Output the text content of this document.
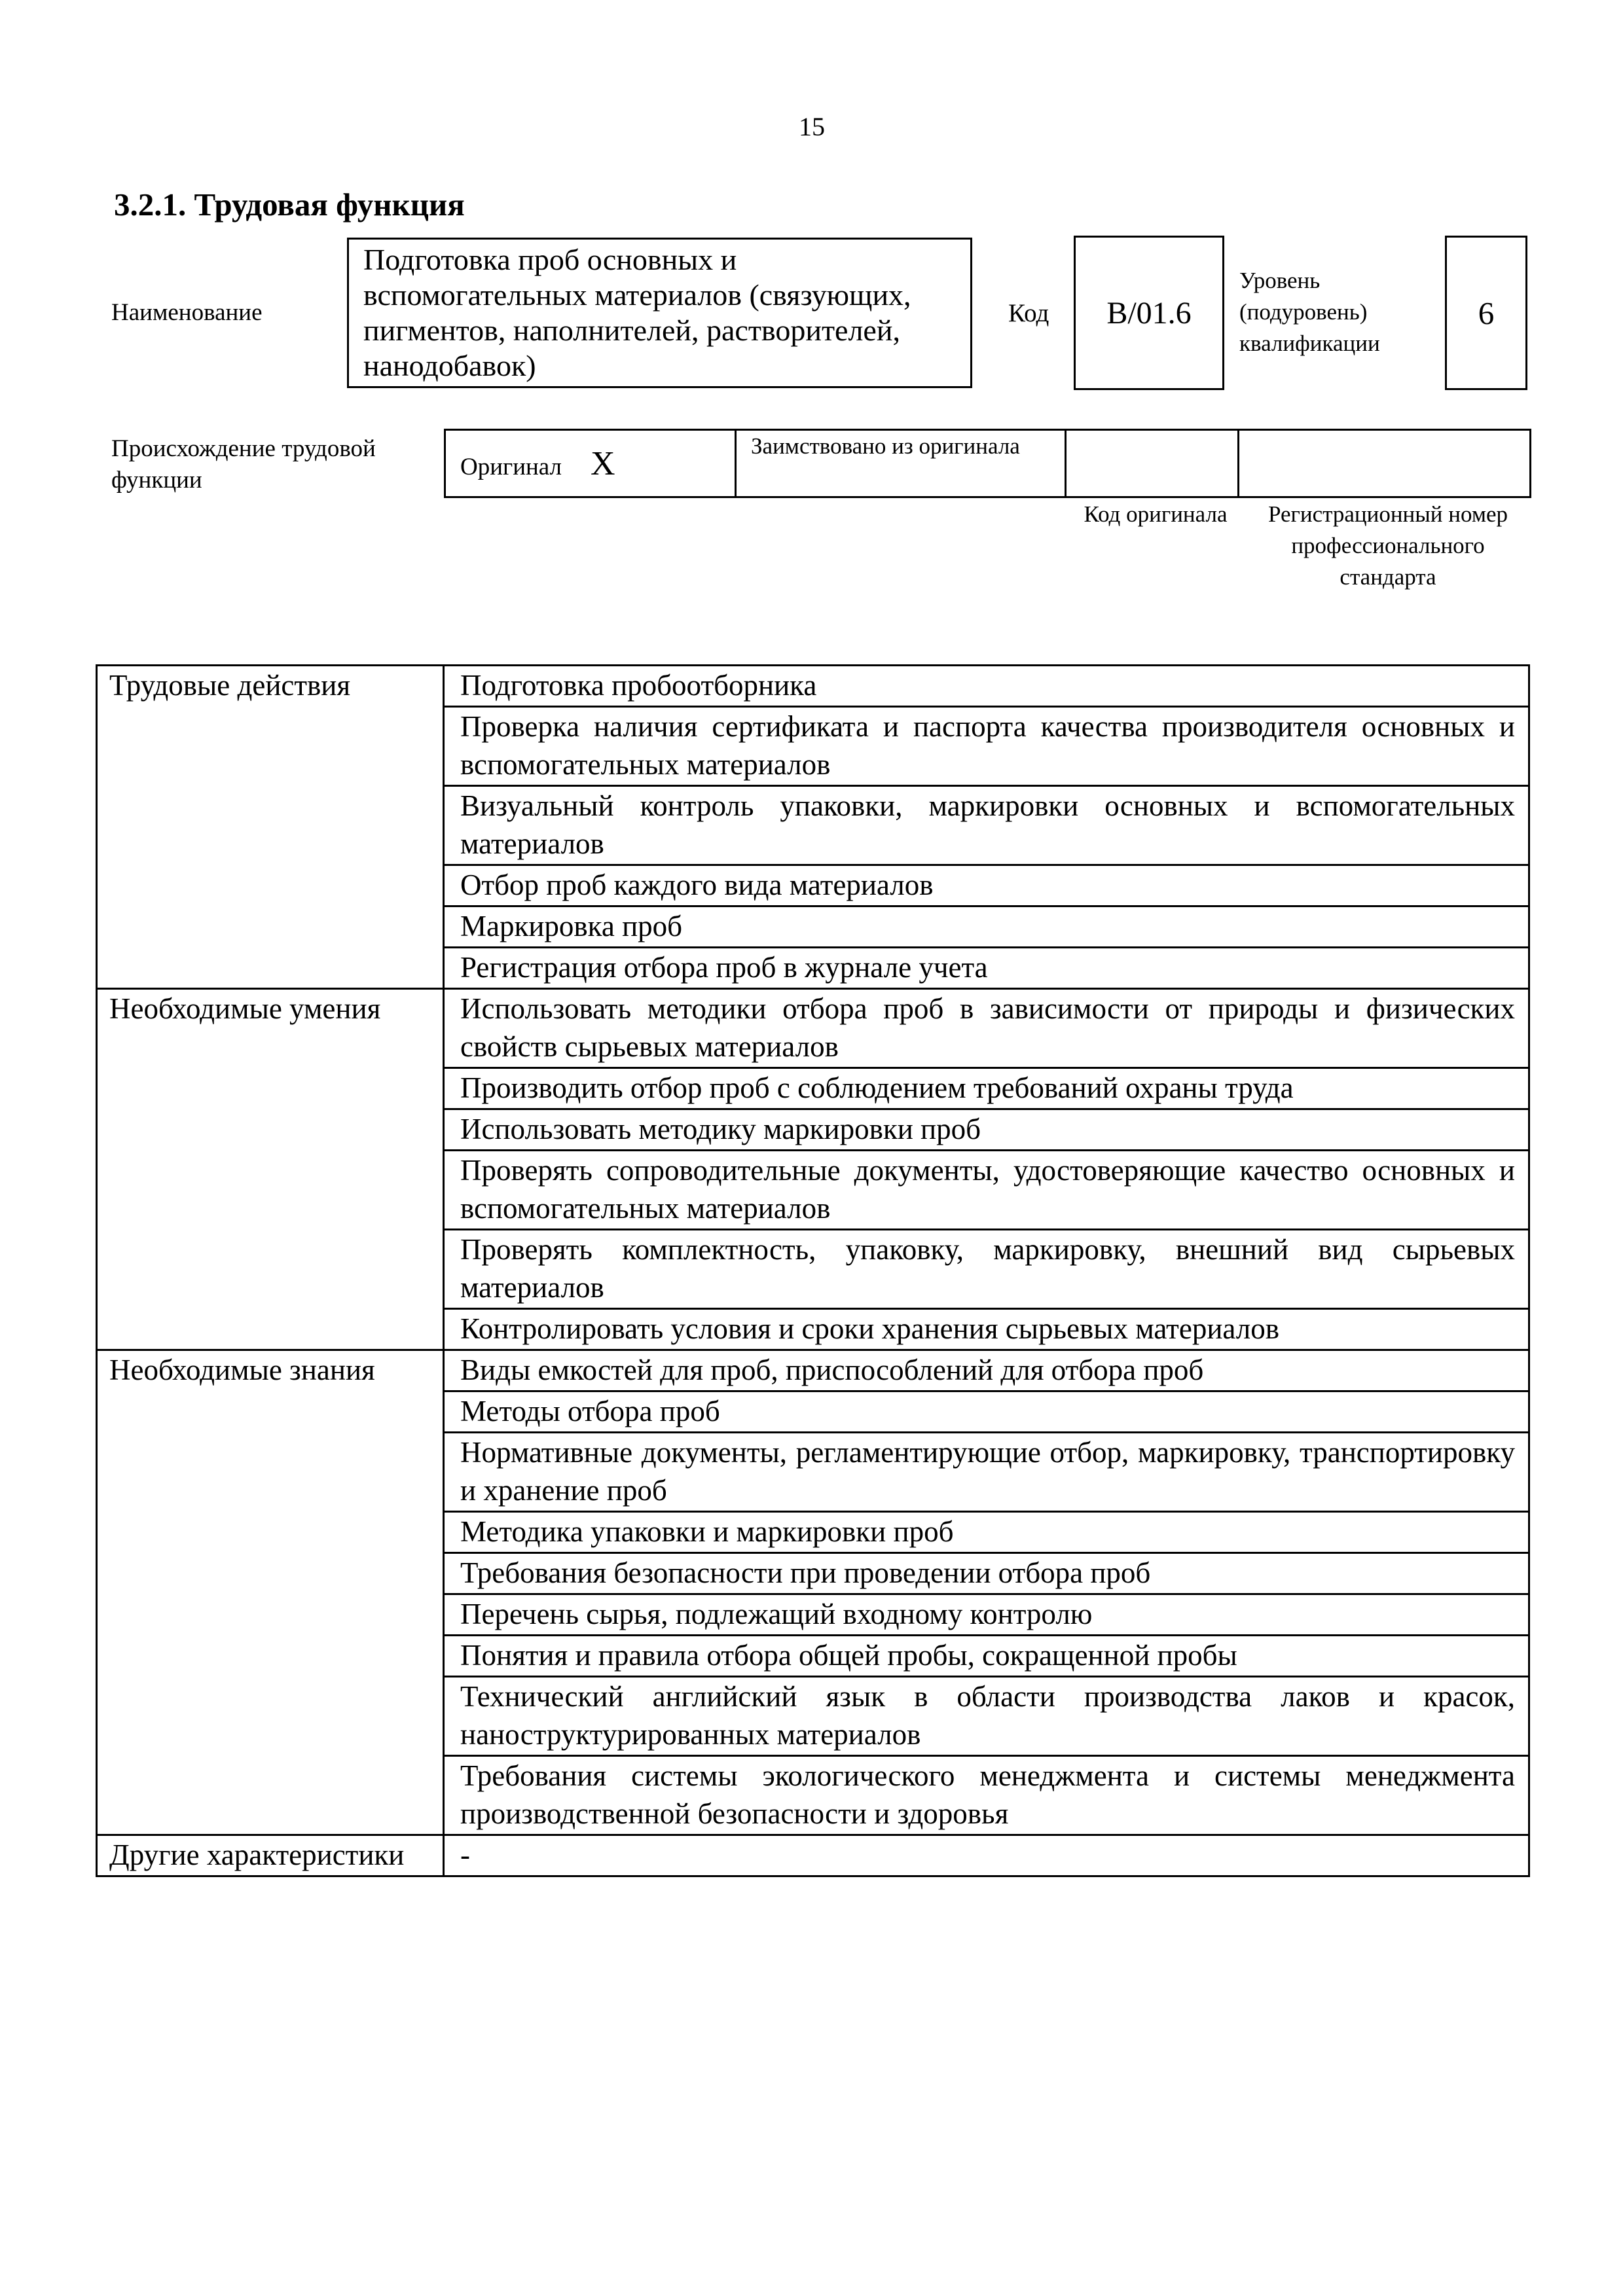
15
3.2.1. Трудовая функция
Наименование
Подготовка проб основных и вспомогательных материалов (связующих, пигментов, наполнителей, растворителей, нанодобавок)
Код	B/01.6
Уровень (подуровень) квалификации
6
Происхождение трудовой функции	Оригинал X	Заимствовано из оригинала		
Код оригинала	Регистрационный номер профессионального стандарта
Трудовые действия	Подготовка пробоотборника
	Проверка наличия сертификата и паспорта качества производителя основных и вспомогательных материалов
	Визуальный контроль упаковки, маркировки основных и вспомогательных материалов
	Отбор проб каждого вида материалов
	Маркировка проб
	Регистрация отбора проб в журнале учета
Необходимые умения	Использовать методики отбора проб в зависимости от природы и физических свойств сырьевых материалов
	Производить отбор проб с соблюдением требований охраны труда
	Использовать методику маркировки проб
	Проверять сопроводительные документы, удостоверяющие качество основных и вспомогательных материалов
	Проверять комплектность, упаковку, маркировку, внешний вид сырьевых материалов
	Контролировать условия и сроки хранения сырьевых материалов
Необходимые знания	Виды емкостей для проб, приспособлений для отбора проб
	Методы отбора проб
	Нормативные документы, регламентирующие отбор, маркировку, транспортировку и хранение проб
	Методика упаковки и маркировки проб
	Требования безопасности при проведении отбора проб
	Перечень сырья, подлежащий входному контролю
	Понятия и правила отбора общей пробы, сокращенной пробы
	Технический английский язык в области производства лаков и красок, наноструктурированных материалов
	Требования системы экологического менеджмента и системы менеджмента производственной безопасности и здоровья
Другие характеристики	-
